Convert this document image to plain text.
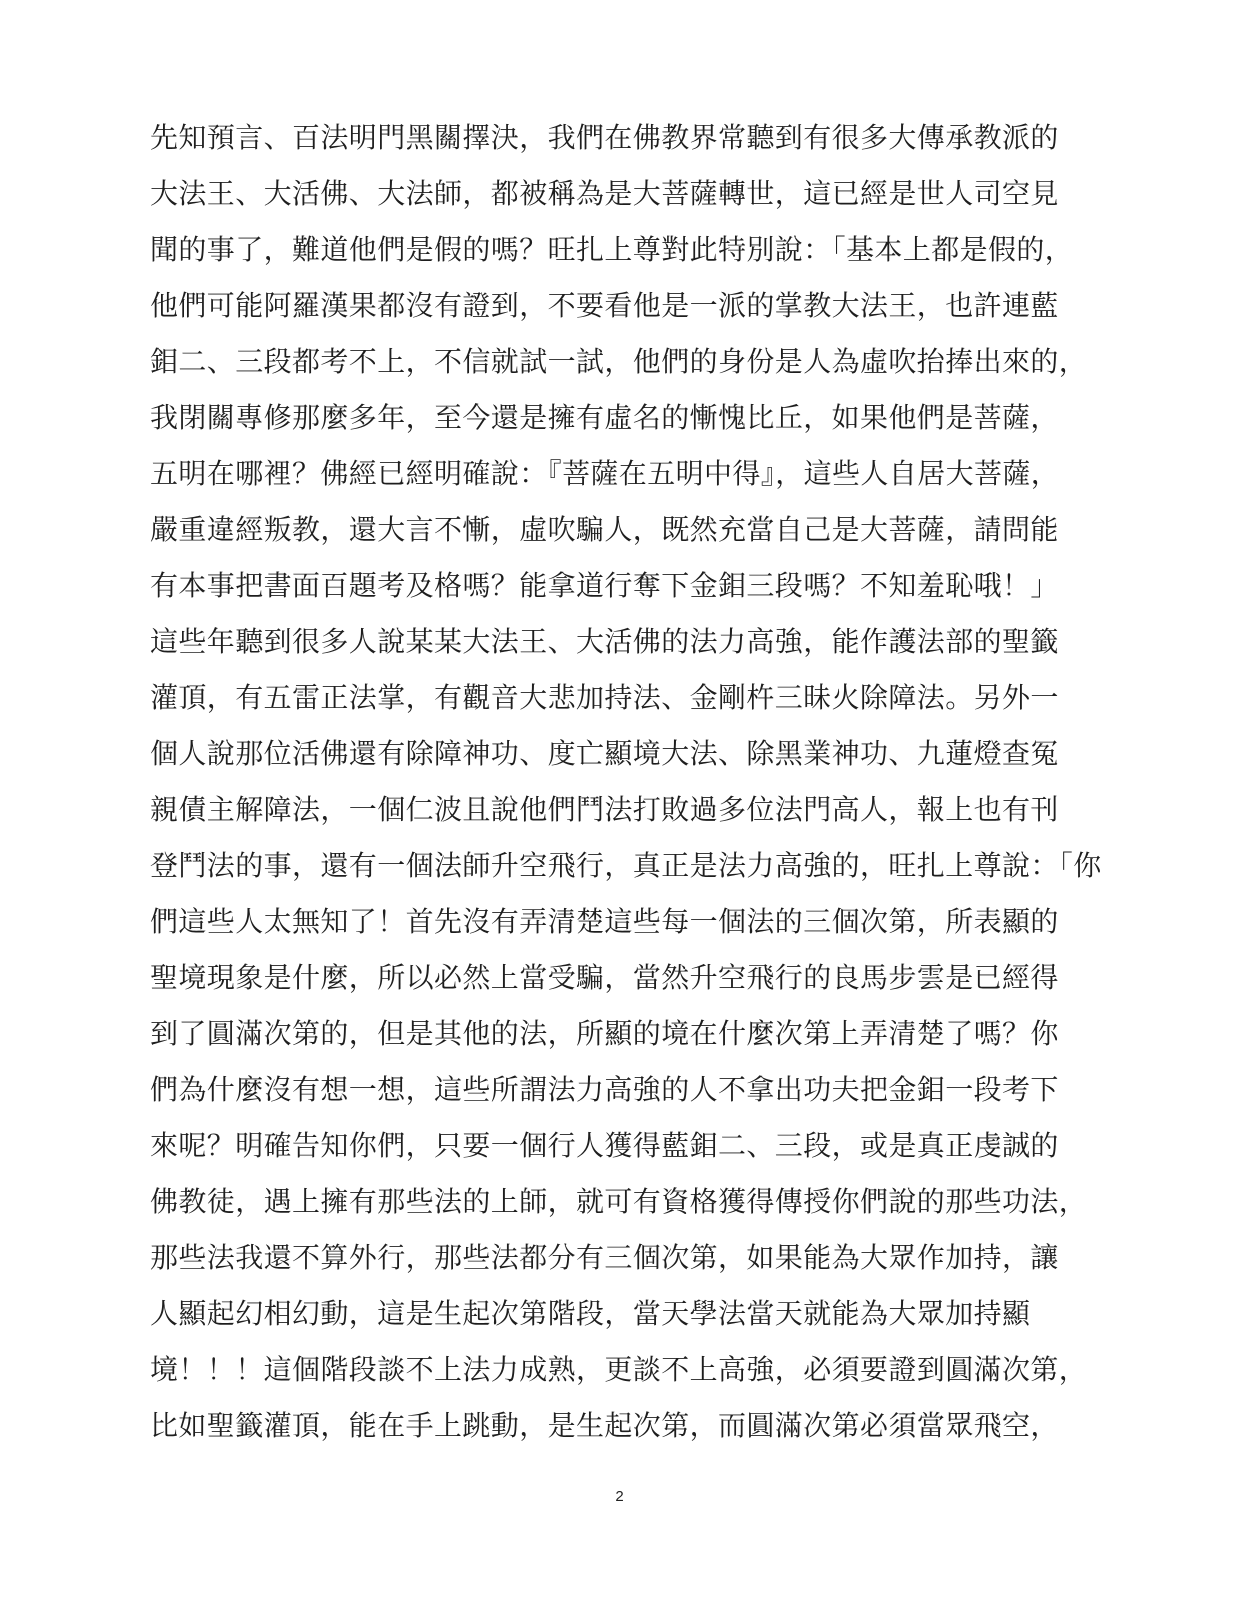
先知預言、百法明門黑關擇決，我們在佛教界常聽到有很多大傳承教派的
大法王、大活佛、大法師，都被稱為是大菩薩轉世，這已經是世人司空見
聞的事了，難道他們是假的嗎？旺扎上尊對此特別說：「基本上都是假的，
他們可能阿羅漢果都沒有證到，不要看他是一派的掌教大法王，也許連藍
鉬二、三段都考不上，不信就試一試，他們的身份是人為虛吹抬捧出來的，
我閉關專修那麼多年，至今還是擁有虛名的慚愧比丘，如果他們是菩薩，
五明在哪裡？佛經已經明確說：『菩薩在五明中得』，這些人自居大菩薩，
嚴重違經叛教，還大言不慚，虛吹騙人，既然充當自己是大菩薩，請問能
有本事把書面百題考及格嗎？能拿道行奪下金鉬三段嗎？不知羞恥哦！」
這些年聽到很多人說某某大法王、大活佛的法力高強，能作護法部的聖籤
灌頂，有五雷正法掌，有觀音大悲加持法、金剛杵三昧火除障法。另外一
個人說那位活佛還有除障神功、度亡顯境大法、除黑業神功、九蓮燈查冤
親債主解障法，一個仁波且說他們鬥法打敗過多位法門高人，報上也有刊
登鬥法的事，還有一個法師升空飛行，真正是法力高強的，旺扎上尊說：「你
們這些人太無知了！首先沒有弄清楚這些每一個法的三個次第，所表顯的
聖境現象是什麼，所以必然上當受騙，當然升空飛行的良馬步雲是已經得
到了圓滿次第的，但是其他的法，所顯的境在什麼次第上弄清楚了嗎？你
們為什麼沒有想一想，這些所謂法力高強的人不拿出功夫把金鉬一段考下
來呢？明確告知你們，只要一個行人獲得藍鉬二、三段，或是真正虔誠的
佛教徒，遇上擁有那些法的上師，就可有資格獲得傳授你們說的那些功法，
那些法我還不算外行，那些法都分有三個次第，如果能為大眾作加持，讓
人顯起幻相幻動，這是生起次第階段，當天學法當天就能為大眾加持顯
境！！！這個階段談不上法力成熟，更談不上高強，必須要證到圓滿次第，
比如聖籤灌頂，能在手上跳動，是生起次第，而圓滿次第必須當眾飛空，
2
